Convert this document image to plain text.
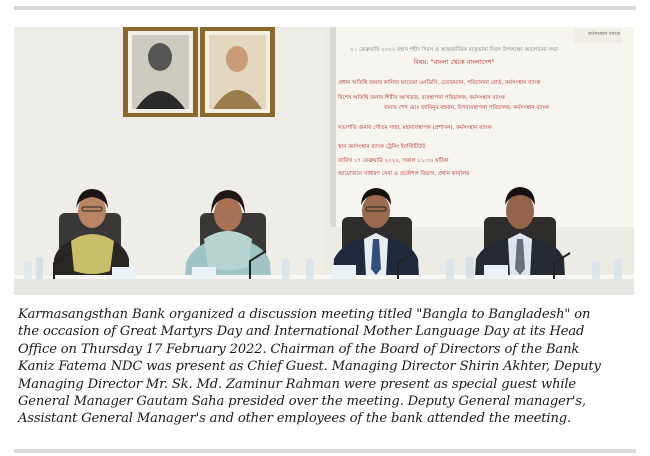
কর্মসংস্থান ব্যাংক
২১ ফেব্রুয়ারি ২০২২ মহান শহীদ দিবস ও আন্তর্জাতিক মাতৃভাষা দিবস উপলক্ষ্যে আলোচনা সভা
বিষয়: "বাংলা থেকে বাংলাদেশ"
প্রধান অতিথি জনাব কানিজ ফাতেমা এনডিসি, চেয়ারম্যান, পরিচালনা বোর্ড, কর্মসংস্থান ব্যাংক
বিশেষ অতিথি জনাব শিরীন আখতার, ব্যবস্থাপনা পরিচালক, কর্মসংস্থান ব্যাংক
জনাব শেখ মোঃ জামিনুর রহমান, উপব্যবস্থাপনা পরিচালক, কর্মসংস্থান ব্যাংক
সভাপতি জনাব গৌতম সাহা, মহাব্যবস্থাপক (প্রশাসন), কর্মসংস্থান ব্যাংক
স্থান কর্মসংস্থান ব্যাংক ট্রেনিং ইনস্টিটিউট
তারিখ ১৭ ফেব্রুয়ারি ২০২২, সকাল ১১:৩০ ঘটিকা
আয়োজনে সাধারণ সেবা ও প্রকৌশল বিভাগ, প্রধান কার্যালয়

Karmasangsthan Bank organized a discussion meeting titled "Bangla to Bangladesh" on
the occasion of Great Martyrs Day and International Mother Language Day at its Head
Office on Thursday 17 February 2022. Chairman of the Board of Directors of the Bank
Kaniz Fatema NDC was present as Chief Guest. Managing Director Shirin Akhter, Deputy
Managing Director Mr. Sk. Md. Zaminur Rahman were present as special guest while
General Manager Gautam Saha presided over the meeting. Deputy General manager's,
Assistant General Manager's and other employees of the bank attended the meeting.
